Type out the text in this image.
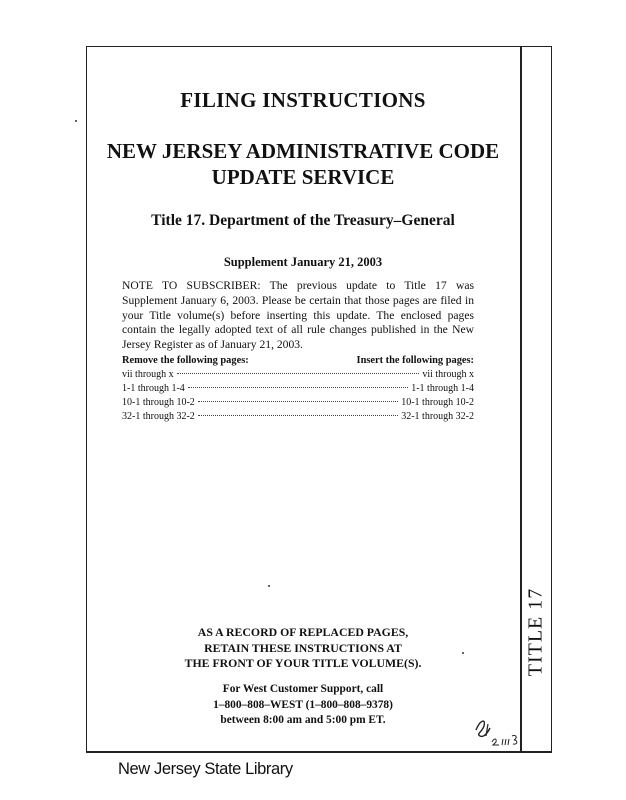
TITLE 17
FILING INSTRUCTIONS
NEW JERSEY ADMINISTRATIVE CODE
UPDATE SERVICE
Title 17. Department of the Treasury–General
Supplement January 21, 2003
NOTE TO SUBSCRIBER: The previous update to Title 17 was Supplement January 6, 2003. Please be certain that those pages are filed in your Title volume(s) before inserting this update. The enclosed pages contain the legally adopted text of all rule changes published in the New Jersey Register as of January 21, 2003.
Remove the following pages:	Insert the following pages:
vii through x	vii through x
1-1 through 1-4	1-1 through 1-4
10-1 through 10-2	10-1 through 10-2
32-1 through 32-2	32-1 through 32-2
AS A RECORD OF REPLACED PAGES,
RETAIN THESE INSTRUCTIONS AT
THE FRONT OF YOUR TITLE VOLUME(S).
For West Customer Support, call
1–800–808–WEST (1–800–808–9378)
between 8:00 am and 5:00 pm ET.
New Jersey State Library
